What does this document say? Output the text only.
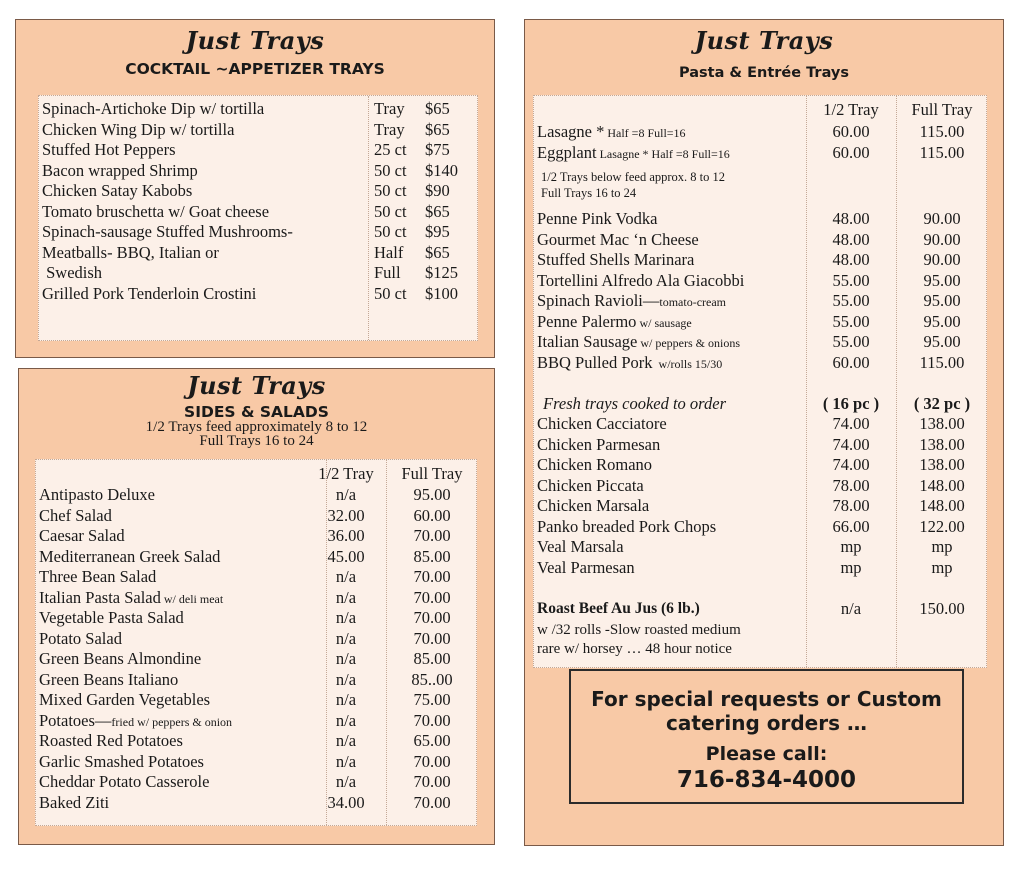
Just Trays
COCKTAIL ~APPETIZER TRAYS
Spinach-Artichoke Dip w/ tortilla	Tray $65
Chicken Wing Dip w/ tortilla	Tray $65
Stuffed Hot Peppers	25 ct $75
Bacon wrapped Shrimp	50 ct $140
Chicken Satay Kabobs	50 ct $90
Tomato bruschetta w/ Goat cheese	50 ct $65
Spinach-sausage Stuffed Mushrooms-	50 ct $95
Meatballs- BBQ, Italian or	Half $65
Swedish	Full $125
Grilled Pork Tenderloin Crostini	50 ct $100
Just Trays
SIDES & SALADS
1/2 Trays feed approximately 8 to 12
Full Trays 16 to 24
1/2 Tray	Full Tray
Antipasto Deluxe	n/a	95.00
Chef Salad	32.00	60.00
Caesar Salad	36.00	70.00
Mediterranean Greek Salad	45.00	85.00
Three Bean Salad	n/a	70.00
Italian Pasta Salad w/ deli meat	n/a	70.00
Vegetable Pasta Salad	n/a	70.00
Potato Salad	n/a	70.00
Green Beans Almondine	n/a	85.00
Green Beans Italiano	n/a	85..00
Mixed Garden Vegetables	n/a	75.00
Potatoes—fried w/ peppers & onion	n/a	70.00
Roasted Red Potatoes	n/a	65.00
Garlic Smashed Potatoes	n/a	70.00
Cheddar Potato Casserole	n/a	70.00
Baked Ziti	34.00	70.00
Just Trays
Pasta & Entrée Trays
1/2 Tray	Full Tray
Lasagne * Half =8 Full=16	60.00	115.00
Eggplant Lasagne * Half =8 Full=16	60.00	115.00
1/2 Trays below feed approx. 8 to 12
Full Trays 16 to 24
Penne Pink Vodka	48.00	90.00
Gourmet Mac ‘n Cheese	48.00	90.00
Stuffed Shells Marinara	48.00	90.00
Tortellini Alfredo Ala Giacobbi	55.00	95.00
Spinach Ravioli—tomato-cream	55.00	95.00
Penne Palermo w/ sausage	55.00	95.00
Italian Sausage w/ peppers & onions	55.00	95.00
BBQ Pulled Pork  w/rolls 15/30	60.00	115.00
Fresh trays cooked to order	( 16 pc )	( 32 pc )
Chicken Cacciatore	74.00	138.00
Chicken Parmesan	74.00	138.00
Chicken Romano	74.00	138.00
Chicken Piccata	78.00	148.00
Chicken Marsala	78.00	148.00
Panko breaded Pork Chops	66.00	122.00
Veal Marsala	mp	mp
Veal Parmesan	mp	mp
Roast Beef Au Jus (6 lb.)	n/a	150.00
w /32 rolls -Slow roasted medium
rare w/ horsey … 48 hour notice
For special requests or Custom
catering orders …
Please call:
716-834-4000
